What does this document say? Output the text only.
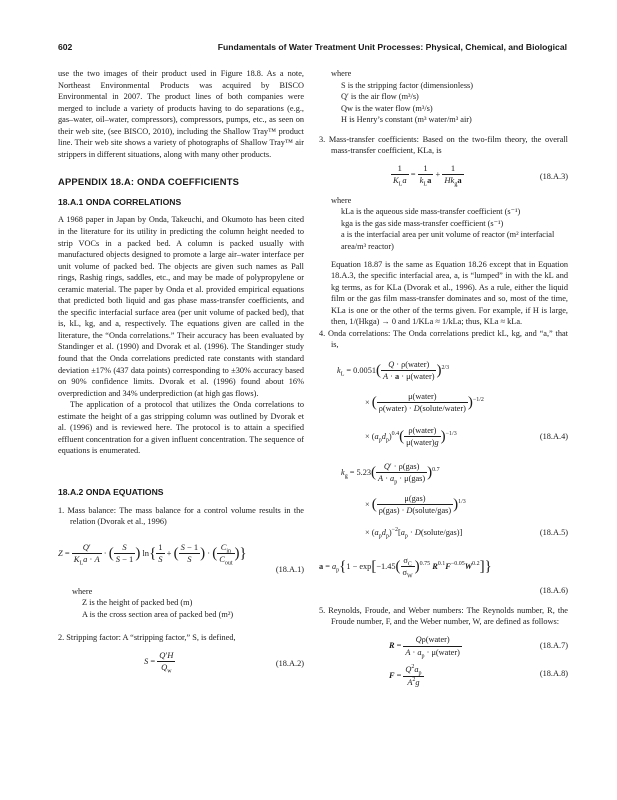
602	Fundamentals of Water Treatment Unit Processes: Physical, Chemical, and Biological

use the two images of their product used in Figure 18.8. As a note, Northeast Environmental Products was acquired by BISCO Environmental in 2007. The product lines of both companies were merged to include a variety of products having to do separations (e.g., gas–water, oil–water, compressors), compressors, pumps, etc., as seen on their web site, (see BISCO, 2010), including the Shallow Tray™ product line. Their web site shows a variety of photographs of Shallow Tray™ air strippers in different situations, along with many other products.

APPENDIX 18.A: ONDA COEFFICIENTS

18.A.1 ONDA CORRELATIONS

A 1968 paper in Japan by Onda, Takeuchi, and Okumoto has been cited in the literature for its utility in predicting the column height needed to strip VOCs in a packed bed. A column is packed usually with manufactured objects designed to promote a large air–water interface per unit volume of packed bed. The objects are given such names as Pall rings, Rashig rings, saddles, etc., and may be made of polypropylene or ceramic material. The paper by Onda et al. provided empirical equations that predicted both liquid and gas phase mass-transfer coefficients, and the specific interfacial surface area (per unit volume of packed bed), that is, kL, kg, and a, respectively. The equations given are called in the literature, the “Onda correlations.” Their accuracy has been evaluated by Standinger et al. (1990) and Dvorak et al. (1996). The Standinger study found that the Onda correlations predicted rate constants with standard deviation ±17% (437 data points) corresponding to ±30% accuracy based on 90% confidence limits. Dvorak et al. (1996) found about 16% overprediction and 34% underprediction (at high gas flows).

The application of a protocol that utilizes the Onda correlations to estimate the height of a gas stripping column was outlined by Dvorak et al. (1996) and is reviewed here. The protocol is to attain a specified effluent concentration for a given influent concentration. The sequence of equations is enumerated.

18.A.2 ONDA EQUATIONS

1. Mass balance: The mass balance for a control volume results in the relation (Dvorak et al., 1996)

$Z = \frac{Q'}{K_La \cdot A}$ · ( $\frac{S}{S - 1}$ ) $\ln\{ \frac{1}{S}$ + ( $\frac{S - 1}{S}$ ) · ( $\frac{C_{in}}{C_{out}}$ )}
(18.A.1)
where
Z is the height of packed bed (m)
A is the cross section area of packed bed (m²)

2. Stripping factor: A “stripping factor,” S, is defined,

$S = \frac{Q'H}{Q_w}$	(18.A.2)
where
S is the stripping factor (dimensionless)
Q′ is the air flow (m³/s)
Qw is the water flow (m³/s)
H is Henry’s constant (m³ water/m³ air)

3. Mass-transfer coefficients: Based on the two-film theory, the overall mass-transfer coefficient, KLa, is

$\frac{1}{K_La} = \frac{1}{k_La} + \frac{1}{Hk_ga}$	(18.A.3)
where
kLa is the aqueous side mass-transfer coefficient (s⁻¹)
kga is the gas side mass-transfer coefficient (s⁻¹)
a is the interfacial area per unit volume of reactor (m² interfacial area/m³ reactor)

Equation 18.87 is the same as Equation 18.26 except that in Equation 18.A.3, the specific interfacial area, a, is “lumped” in with the kL and kg terms, as for KLa (Dvorak et al., 1996). As a rule, either the liquid film or the gas film mass-transfer dominates and so, most of the time, KLa is one or the other of the terms given. For example, if H is large, then, 1/(Hkga) → 0 and 1/KLa ≈ 1/kLa; thus, KLa ≈ kLa.

4. Onda correlations: The Onda correlations predict kL, kg, and “a,” that is,

$k_L = 0.0051( \frac{\text{Q · ρ(water)}}{\text{A · a · μ(water)}} )^{2/3}$
× ( $\frac{\text{μ(water)}}{\text{ρ(water) · D(solute/water)}} )^{-1/2}$
× $(a_pd_p)^{0.4}( \frac{\text{ρ(water)}}{\text{μ(water)g}} )^{-1/3}$	(18.A.4)
$k_g = 5.23( \frac{\text{Q′ · ρ(gas)}}{A \cdot a_p \cdot \mu(gas)} )^{0.7}$
× ( $\frac{\text{μ(gas)}}{\text{ρ(gas) · D(solute/gas)}} )^{1/3}$
× $(a_pd_p)^{-2}[a_p$ · D(solute/gas)]	(18.A.5)
$a = a_p\{1 - \exp[-1.45( \frac{\sigma_C}{\sigma_W} )^{0.75}$ $R^{0.1}F^{-0.05}W^{0.2}$]}
(18.A.6)

5. Reynolds, Froude, and Weber numbers: The Reynolds number, R, the Froude number, F, and the Weber number, W, are defined as follows:

$R = \frac{\text{Qρ(water)}}{A \cdot a_p \cdot \mu(water)}$	(18.A.7)
$F = \frac{Q^2a_p}{A^2g}$	(18.A.8)
